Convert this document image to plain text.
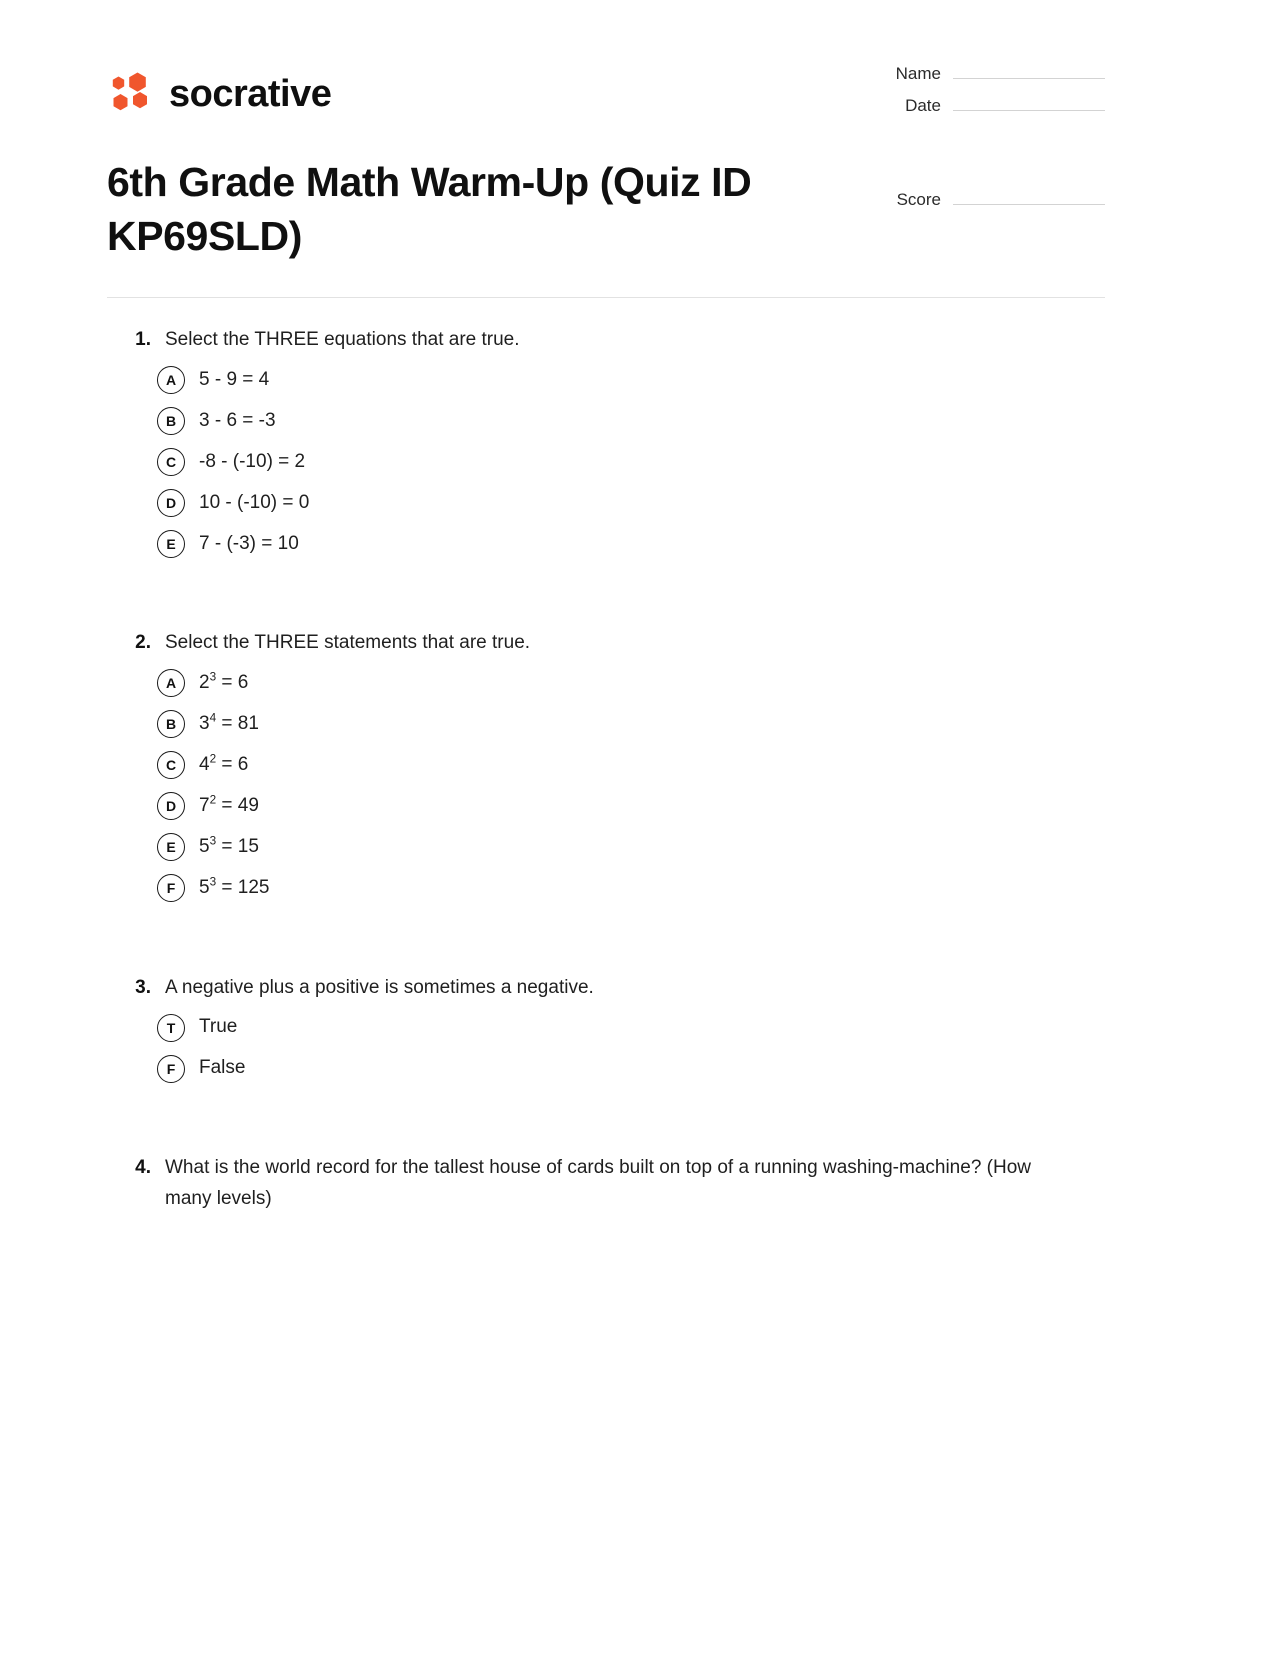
socrative	Name
Date
Score
6th Grade Math Warm-Up (Quiz ID KP69SLD)
1. Select the THREE equations that are true.
A	5 - 9 = 4
B	3 - 6 = -3
C	-8 - (-10) = 2
D	10 - (-10) = 0
E	7 - (-3) = 10
2. Select the THREE statements that are true.
A	$2^3 = 6$
B	$3^4 = 81$
C	$4^2 = 6$
D	$7^2 = 49$
E	$5^3 = 15$
F	$5^3 = 125$
3. A negative plus a positive is sometimes a negative.
T	True
F	False
4. What is the world record for the tallest house of cards built on top of a running washing-machine? (How many levels)
